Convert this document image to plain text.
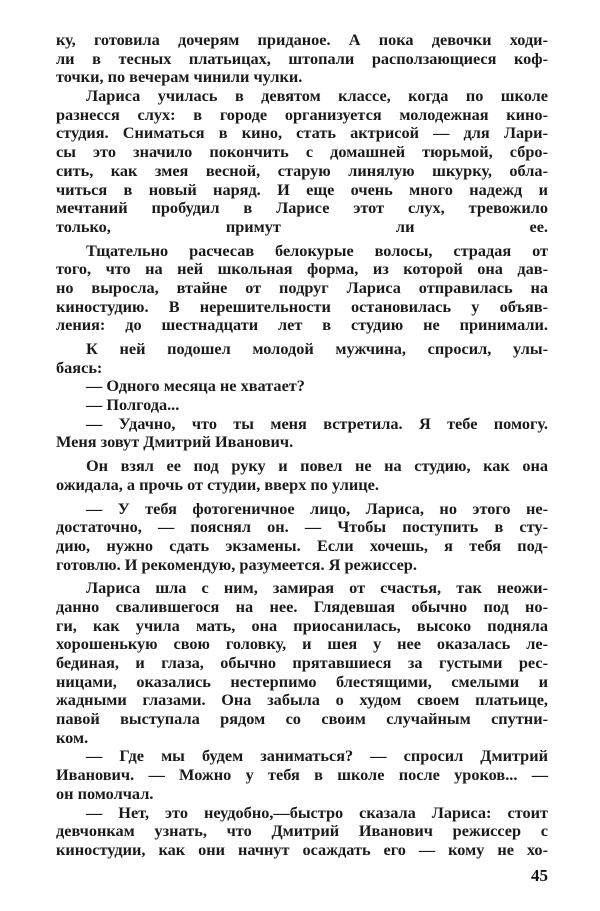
ку, готовила дочерям приданое. А пока девочки ходи-
ли в тесных платьицах, штопали расползающиеся коф-
точки, по вечерам чинили чулки.
Лариса училась в девятом классе, когда по школе
разнесся слух: в городе организуется молодежная кино-
студия. Сниматься в кино, стать актрисой — для Лари-
сы это значило покончить с домашней тюрьмой, сбро-
сить, как змея весной, старую линялую шкурку, обла-
читься в новый наряд. И еще очень много надежд и
мечтаний пробудил в Ларисе этот слух, тревожило
только, примут ли ее.
Тщательно расчесав белокурые волосы, страдая от
того, что на ней школьная форма, из которой она дав-
но выросла, втайне от подруг Лариса отправилась на
киностудию. В нерешительности остановилась у объяв-
ления: до шестнадцати лет в студию не принимали.
К ней подошел молодой мужчина, спросил, улы-
баясь:
— Одного месяца не хватает?
— Полгода...
— Удачно, что ты меня встретила. Я тебе помогу.
Меня зовут Дмитрий Иванович.
Он взял ее под руку и повел не на студию, как она
ожидала, а прочь от студии, вверх по улице.
— У тебя фотогеничное лицо, Лариса, но этого не-
достаточно, — пояснял он. — Чтобы поступить в сту-
дию, нужно сдать экзамены. Если хочешь, я тебя под-
готовлю. И рекомендую, разумеется. Я режиссер.
Лариса шла с ним, замирая от счастья, так неожи-
данно свалившегося на нее. Глядевшая обычно под но-
ги, как учила мать, она приосанилась, высоко подняла
хорошенькую свою головку, и шея у нее оказалась ле-
бединая, и глаза, обычно прятавшиеся за густыми рес-
ницами, оказались нестерпимо блестящими, смелыми и
жадными глазами. Она забыла о худом своем платьице,
павой выступала рядом со своим случайным спутни-
ком.
— Где мы будем заниматься? — спросил Дмитрий
Иванович. — Можно у тебя в школе после уроков... —
он помолчал.
— Нет, это неудобно,—быстро сказала Лариса: стоит
девчонкам узнать, что Дмитрий Иванович режиссер с
киностудии, как они начнут осаждать его — кому не хо-
45
